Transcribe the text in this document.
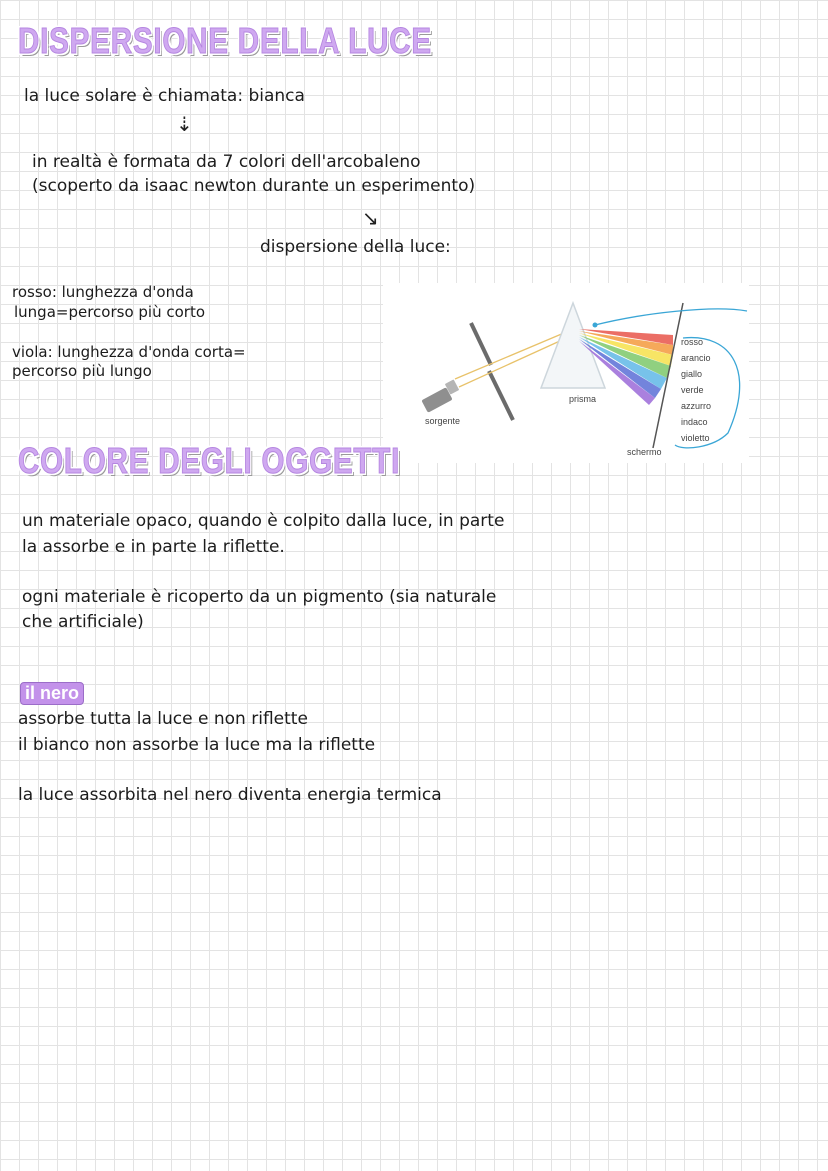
DISPERSIONE DELLA LUCE
la luce solare è chiamata: bianca
⇣
in realtà è formata da 7 colori dell'arcobaleno
(scoperto da isaac newton durante un esperimento)
↘
dispersione della luce:
rosso: lunghezza d'onda
lunga=percorso più corto
viola: lunghezza d'onda corta=
percorso più lungo
sorgente
prisma
schermo
rosso
arancio
giallo
verde
azzurro
indaco
violetto
COLORE DEGLI OGGETTI
un materiale opaco, quando è colpito dalla luce, in parte
la assorbe e in parte la riflette.
ogni materiale è ricoperto da un pigmento (sia naturale
che artificiale)
il nero
assorbe tutta la luce e non riflette
il bianco non assorbe la luce ma la riflette
la luce assorbita nel nero diventa energia termica
